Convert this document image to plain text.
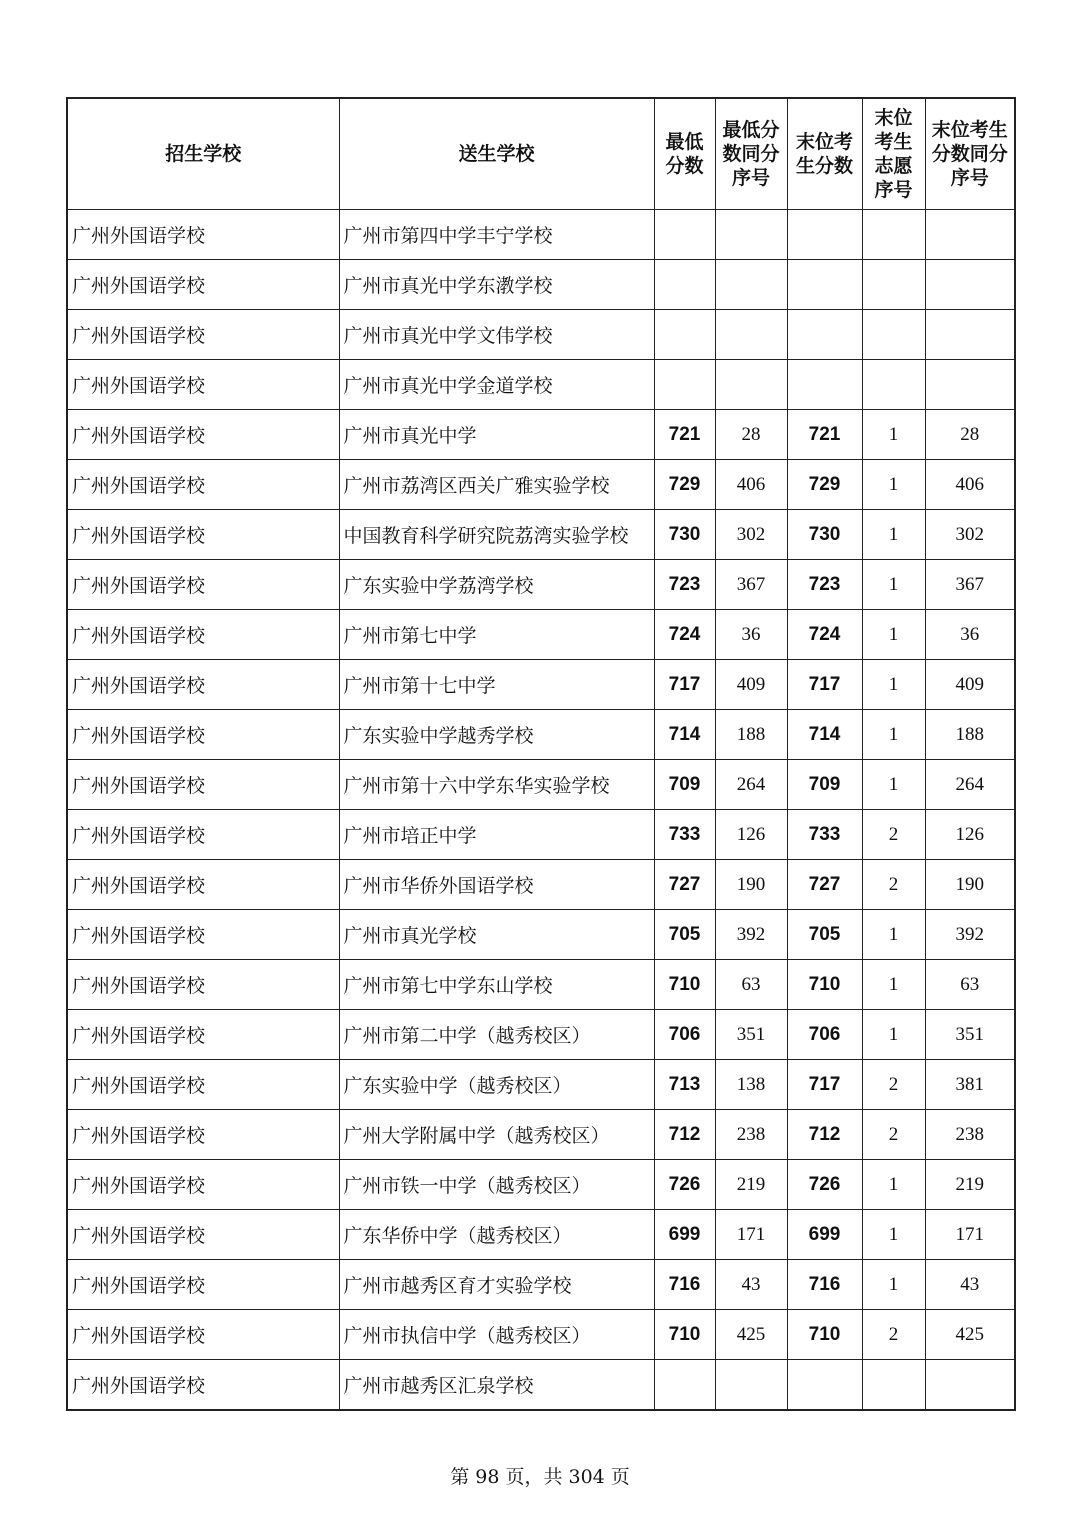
招生学校	送生学校	最低分数	最低分数同分序号	末位考生分数	末位考生志愿序号	末位考生分数同分序号
广州外国语学校	广州市第四中学丰宁学校					
广州外国语学校	广州市真光中学东漖学校					
广州外国语学校	广州市真光中学文伟学校					
广州外国语学校	广州市真光中学金道学校					
广州外国语学校	广州市真光中学	721	28	721	1	28
广州外国语学校	广州市荔湾区西关广雅实验学校	729	406	729	1	406
广州外国语学校	中国教育科学研究院荔湾实验学校	730	302	730	1	302
广州外国语学校	广东实验中学荔湾学校	723	367	723	1	367
广州外国语学校	广州市第七中学	724	36	724	1	36
广州外国语学校	广州市第十七中学	717	409	717	1	409
广州外国语学校	广东实验中学越秀学校	714	188	714	1	188
广州外国语学校	广州市第十六中学东华实验学校	709	264	709	1	264
广州外国语学校	广州市培正中学	733	126	733	2	126
广州外国语学校	广州市华侨外国语学校	727	190	727	2	190
广州外国语学校	广州市真光学校	705	392	705	1	392
广州外国语学校	广州市第七中学东山学校	710	63	710	1	63
广州外国语学校	广州市第二中学（越秀校区）	706	351	706	1	351
广州外国语学校	广东实验中学（越秀校区）	713	138	717	2	381
广州外国语学校	广州大学附属中学（越秀校区）	712	238	712	2	238
广州外国语学校	广州市铁一中学（越秀校区）	726	219	726	1	219
广州外国语学校	广东华侨中学（越秀校区）	699	171	699	1	171
广州外国语学校	广州市越秀区育才实验学校	716	43	716	1	43
广州外国语学校	广州市执信中学（越秀校区）	710	425	710	2	425
广州外国语学校	广州市越秀区汇泉学校					
第 98 页，共 304 页
